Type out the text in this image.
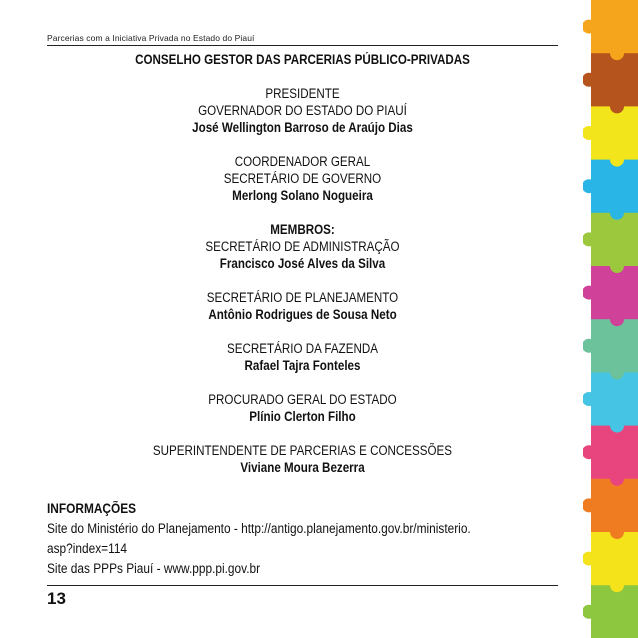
Parcerias com a Iniciativa Privada no Estado do Piauí
CONSELHO GESTOR DAS PARCERIAS PÚBLICO-PRIVADAS
PRESIDENTE
GOVERNADOR DO ESTADO DO PIAUÍ
José Wellington Barroso de Araújo Dias
COORDENADOR GERAL
SECRETÁRIO DE GOVERNO
Merlong Solano Nogueira
MEMBROS:
SECRETÁRIO DE ADMINISTRAÇÃO
Francisco José Alves da Silva
SECRETÁRIO DE PLANEJAMENTO
Antônio Rodrigues de Sousa Neto
SECRETÁRIO DA FAZENDA
Rafael Tajra Fonteles
PROCURADO GERAL DO ESTADO
Plínio Clerton Filho
SUPERINTENDENTE DE PARCERIAS E CONCESSÕES
Viviane Moura Bezerra
INFORMAÇÕES
Site do Ministério do Planejamento - http://antigo.planejamento.gov.br/ministerio.
asp?index=114
Site das PPPs Piauí - www.ppp.pi.gov.br
13
